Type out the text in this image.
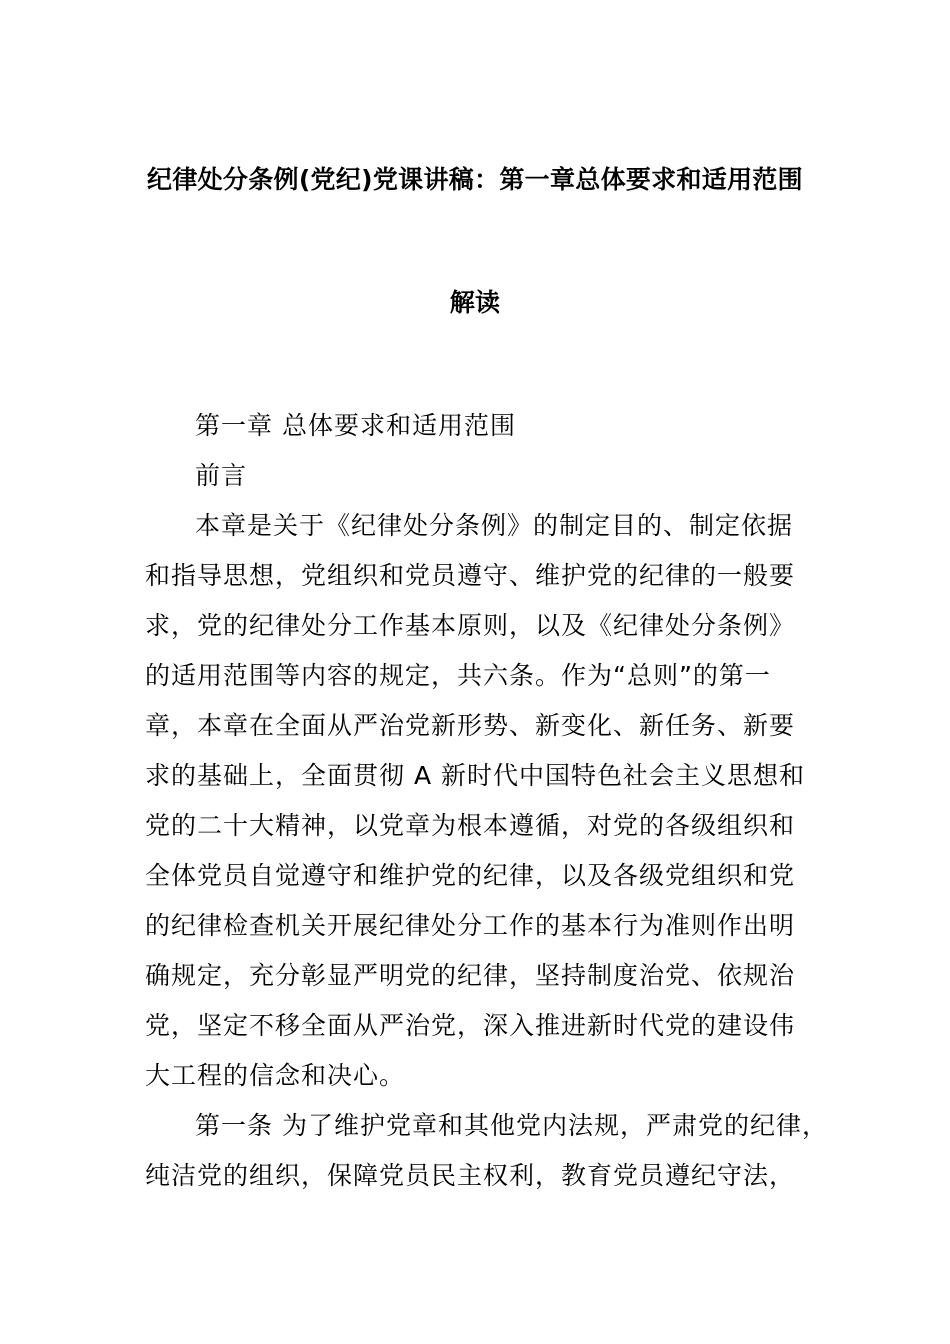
纪律处分条例(党纪)党课讲稿：第一章总体要求和适用范围
解读
第一章 总体要求和适用范围
前言
本章是关于《纪律处分条例》的制定目的、制定依据
和指导思想，党组织和党员遵守、维护党的纪律的一般要
求，党的纪律处分工作基本原则，以及《纪律处分条例》
的适用范围等内容的规定，共六条。作为“总则”的第一
章，本章在全面从严治党新形势、新变化、新任务、新要
求的基础上，全面贯彻 A 新时代中国特色社会主义思想和
党的二十大精神，以党章为根本遵循，对党的各级组织和
全体党员自觉遵守和维护党的纪律，以及各级党组织和党
的纪律检查机关开展纪律处分工作的基本行为准则作出明
确规定，充分彰显严明党的纪律，坚持制度治党、依规治
党，坚定不移全面从严治党，深入推进新时代党的建设伟
大工程的信念和决心。
第一条 为了维护党章和其他党内法规，严肃党的纪律，
纯洁党的组织，保障党员民主权利，教育党员遵纪守法，
